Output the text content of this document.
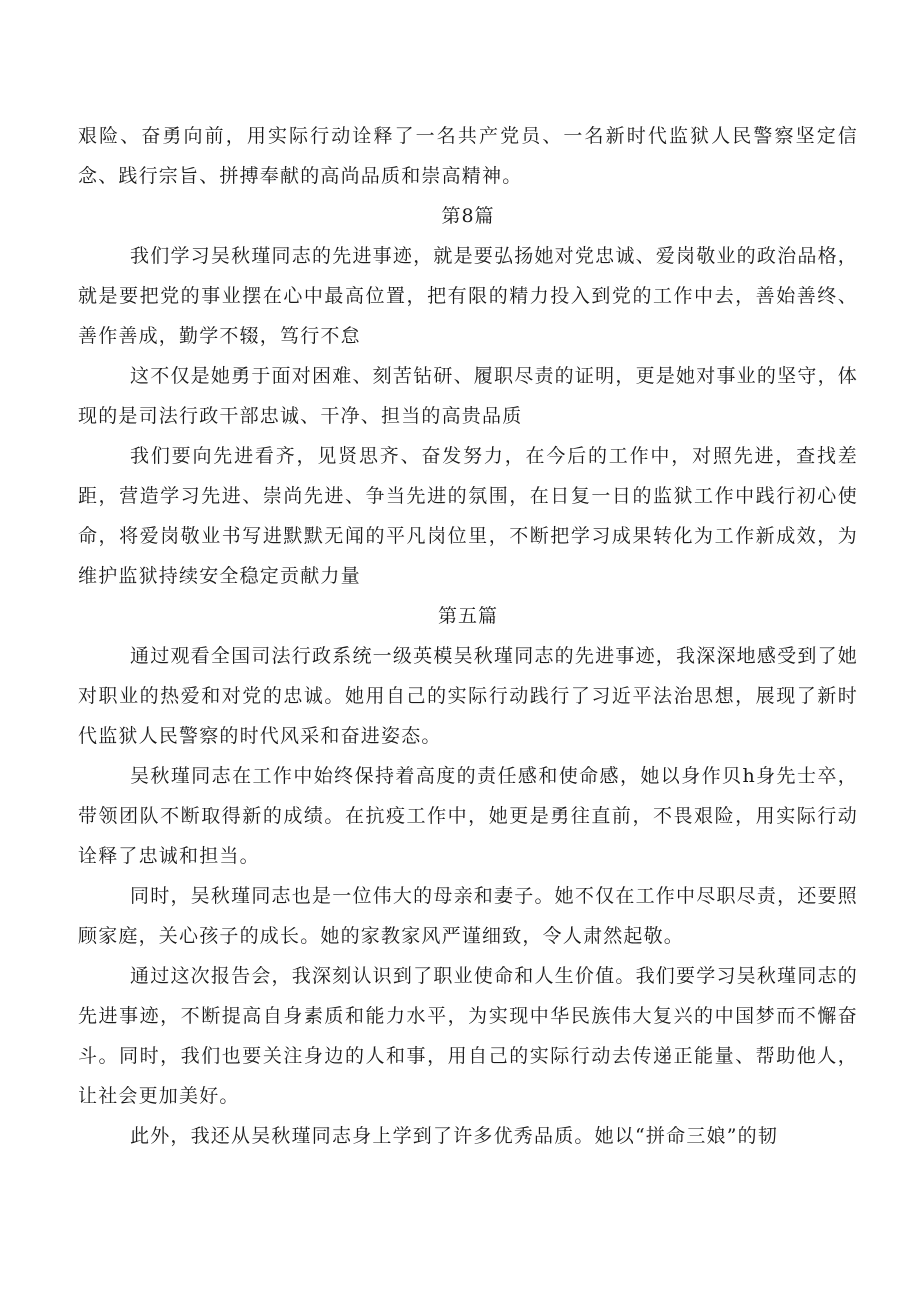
艰险、奋勇向前，用实际行动诠释了一名共产党员、一名新时代监狱人民警察坚定信念、践行宗旨、拼搏奉献的高尚品质和崇高精神。

第8篇

我们学习吴秋瑾同志的先进事迹，就是要弘扬她对党忠诚、爱岗敬业的政治品格，就是要把党的事业摆在心中最高位置，把有限的精力投入到党的工作中去，善始善终、善作善成，勤学不辍，笃行不怠

这不仅是她勇于面对困难、刻苦钻研、履职尽责的证明，更是她对事业的坚守，体现的是司法行政干部忠诚、干净、担当的高贵品质

我们要向先进看齐，见贤思齐、奋发努力，在今后的工作中，对照先进，查找差距，营造学习先进、崇尚先进、争当先进的氛围，在日复一日的监狱工作中践行初心使命，将爱岗敬业书写进默默无闻的平凡岗位里，不断把学习成果转化为工作新成效，为维护监狱持续安全稳定贡献力量

第五篇

通过观看全国司法行政系统一级英模吴秋瑾同志的先进事迹，我深深地感受到了她对职业的热爱和对党的忠诚。她用自己的实际行动践行了习近平法治思想，展现了新时代监狱人民警察的时代风采和奋进姿态。

吴秋瑾同志在工作中始终保持着高度的责任感和使命感，她以身作贝h身先士卒，带领团队不断取得新的成绩。在抗疫工作中，她更是勇往直前，不畏艰险，用实际行动诠释了忠诚和担当。

同时，吴秋瑾同志也是一位伟大的母亲和妻子。她不仅在工作中尽职尽责，还要照顾家庭，关心孩子的成长。她的家教家风严谨细致，令人肃然起敬。

通过这次报告会，我深刻认识到了职业使命和人生价值。我们要学习吴秋瑾同志的先进事迹，不断提高自身素质和能力水平，为实现中华民族伟大复兴的中国梦而不懈奋斗。同时，我们也要关注身边的人和事，用自己的实际行动去传递正能量、帮助他人，让社会更加美好。

此外，我还从吴秋瑾同志身上学到了许多优秀品质。她以“拼命三娘”的韧
